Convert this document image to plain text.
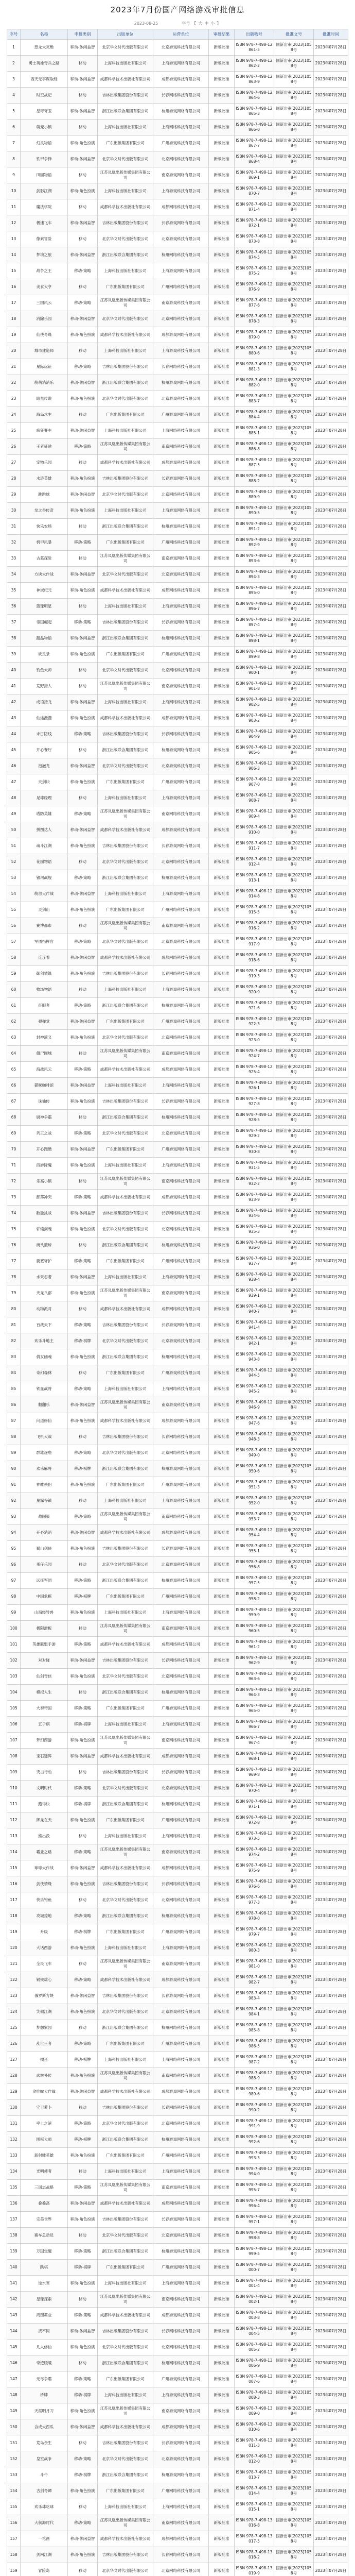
2023年7月份国产网络游戏审批信息
2023-08-25	字号 【 大 中 小 】
序号	名称	申报类别	出版单位	运营单位	审批结果	出版物号	批准文号	批准时间
1	恐龙大灭绝	移动-休闲益智	北京华文时代出版有限公司	北京游戏科技有限公司	新版批准	ISBN 978-7-498-12861-5	国新出审[2023]1058号	2023年07月28日
2	勇士英雄奇兵之路	移动	上海科技出版社有限公司	上海游戏网络有限公司	新版批准	ISBN 978-7-498-12862-2	国新出审[2023]1058号	2023年07月28日
3	西天无事谋取经	移动-休闲益智	成都科学技术出版社有限公司	成都游戏科技有限公司	新版批准	ISBN 978-7-498-12863-9	国新出审[2023]1058号	2023年07月28日
4	时空战记	移动	吉林出版集团股份有限公司	长春网络科技有限公司	新版批准	ISBN 978-7-498-12864-6	国新出审[2023]1058号	2023年07月28日
5	星穹守卫	移动-休闲益智	浙江出版联合集团有限公司	杭州游戏网络有限公司	新版批准	ISBN 978-7-498-12865-3	国新出审[2023]1058号	2023年07月28日
6	萌宠小镇	移动	上海科技出版社有限公司	上海网络科技有限公司	新版批准	ISBN 978-7-498-12866-0	国新出审[2023]1058号	2023年07月28日
7	幻灵物语	移动-角色扮演	广东出版集团有限公司	广州游戏科技有限公司	新版批准	ISBN 978-7-498-12867-7	国新出审[2023]1058号	2023年07月28日
8	铁甲争锋	移动-休闲益智	北京华文时代出版有限公司	北京网络科技有限公司	新版批准	ISBN 978-7-498-12868-4	国新出审[2023]1058号	2023年07月28日
9	田园物语	移动	江苏凤凰出版传媒集团有限公司	南京游戏网络有限公司	新版批准	ISBN 978-7-498-12869-1	国新出审[2023]1058号	2023年07月28日
10	剑影江湖	移动-角色扮演	上海科技出版社有限公司	上海游戏科技有限公司	新版批准	ISBN 978-7-498-12870-7	国新出审[2023]1058号	2023年07月28日
11	魔法学院	移动	成都科学技术出版社有限公司	成都网络科技有限公司	新版批准	ISBN 978-7-498-12871-4	国新出审[2023]1058号	2023年07月28日
12	极速飞车	移动-休闲益智	吉林出版集团股份有限公司	长春游戏网络有限公司	新版批准	ISBN 978-7-498-12872-1	国新出审[2023]1058号	2023年07月28日
13	像素冒险	移动	北京华文时代出版有限公司	北京游戏科技有限公司	新版批准	ISBN 978-7-498-12873-8	国新出审[2023]1058号	2023年07月28日
14	梦境之旅	移动-休闲益智	浙江出版联合集团有限公司	杭州网络科技有限公司	新版批准	ISBN 978-7-498-12874-5	国新出审[2023]1058号	2023年07月28日
15	战争之王	移动-策略	上海科技出版社有限公司	上海游戏网络有限公司	新版批准	ISBN 978-7-498-12875-2	国新出审[2023]1058号	2023年07月28日
16	美食大亨	移动	广东出版集团有限公司	广州网络科技有限公司	新版批准	ISBN 978-7-498-12876-9	国新出审[2023]1058号	2023年07月28日
17	三国风云	移动-策略	江苏凤凰出版传媒集团有限公司	南京游戏科技有限公司	新版批准	ISBN 978-7-498-12877-6	国新出审[2023]1058号	2023年07月28日
18	消除乐园	移动-休闲益智	北京华文时代出版有限公司	北京网络科技有限公司	新版批准	ISBN 978-7-498-12878-3	国新出审[2023]1058号	2023年07月28日
19	仙侠奇缘	移动-角色扮演	成都科学技术出版社有限公司	成都游戏网络有限公司	新版批准	ISBN 978-7-498-12879-0	国新出审[2023]1058号	2023年07月28日
20	城市建造师	移动	上海科技出版社有限公司	上海游戏科技有限公司	新版批准	ISBN 978-7-498-12880-6	国新出审[2023]1058号	2023年07月28日
21	星际远征	移动-策略	吉林出版集团股份有限公司	长春网络科技有限公司	新版批准	ISBN 978-7-498-12881-3	国新出审[2023]1058号	2023年07月28日
22	萌萌消消乐	移动-休闲益智	浙江出版联合集团有限公司	杭州游戏网络有限公司	新版批准	ISBN 978-7-498-12882-0	国新出审[2023]1058号	2023年07月28日
23	暗黑传说	移动-角色扮演	北京华文时代出版有限公司	北京游戏科技有限公司	新版批准	ISBN 978-7-498-12883-7	国新出审[2023]1058号	2023年07月28日
24	海岛求生	移动	广东出版集团有限公司	广州游戏网络有限公司	新版批准	ISBN 978-7-498-12884-4	国新出审[2023]1058号	2023年07月28日
25	疯狂赛车	移动-休闲益智	上海科技出版社有限公司	上海网络科技有限公司	新版批准	ISBN 978-7-498-12885-1	国新出审[2023]1058号	2023年07月28日
26	王者征途	移动-策略	江苏凤凰出版传媒集团有限公司	南京网络科技有限公司	新版批准	ISBN 978-7-498-12886-8	国新出审[2023]1058号	2023年07月28日
27	宠物乐园	移动	成都科学技术出版社有限公司	成都游戏科技有限公司	新版批准	ISBN 978-7-498-12887-5	国新出审[2023]1058号	2023年07月28日
28	水浒英雄	移动-角色扮演	吉林出版集团股份有限公司	长春游戏网络有限公司	新版批准	ISBN 978-7-498-12888-2	国新出审[2023]1058号	2023年07月28日
29	跳跳球	移动-休闲益智	北京华文时代出版有限公司	北京网络科技有限公司	新版批准	ISBN 978-7-498-12889-9	国新出审[2023]1058号	2023年07月28日
30	龙之谷传奇	移动-角色扮演	上海科技出版社有限公司	上海游戏网络有限公司	新版批准	ISBN 978-7-498-12890-5	国新出审[2023]1058号	2023年07月28日
31	快乐农场	移动	浙江出版联合集团有限公司	杭州游戏科技有限公司	新版批准	ISBN 978-7-498-12891-2	国新出审[2023]1058号	2023年07月28日
32	机甲风暴	移动-策略	广东出版集团有限公司	广州网络科技有限公司	新版批准	ISBN 978-7-498-12892-9	国新出审[2023]1058号	2023年07月28日
33	古墓探险	移动	江苏凤凰出版传媒集团有限公司	南京游戏网络有限公司	新版批准	ISBN 978-7-498-12893-6	国新出审[2023]1058号	2023年07月28日
34	方块大作战	移动-休闲益智	北京华文时代出版有限公司	北京游戏科技有限公司	新版批准	ISBN 978-7-498-12894-3	国新出审[2023]1058号	2023年07月28日
35	神域纪元	移动-角色扮演	成都科学技术出版社有限公司	成都网络科技有限公司	新版批准	ISBN 978-7-498-12895-0	国新出审[2023]1058号	2023年07月28日
36	篮球明星	移动	上海科技出版社有限公司	上海游戏科技有限公司	新版批准	ISBN 978-7-498-12896-7	国新出审[2023]1058号	2023年07月28日
37	帝国崛起	移动-策略	吉林出版集团股份有限公司	长春游戏网络有限公司	新版批准	ISBN 978-7-498-12897-4	国新出审[2023]1058号	2023年07月28日
38	甜品物语	移动-休闲益智	浙江出版联合集团有限公司	杭州网络科技有限公司	新版批准	ISBN 978-7-498-12898-1	国新出审[2023]1058号	2023年07月28日
39	妖灵录	移动-角色扮演	广东出版集团有限公司	广州游戏科技有限公司	新版批准	ISBN 978-7-498-12899-8	国新出审[2023]1058号	2023年07月28日
40	钓鱼大师	移动	北京华文时代出版有限公司	北京网络科技有限公司	新版批准	ISBN 978-7-498-12900-1	国新出审[2023]1058号	2023年07月28日
41	荒野猎人	移动	江苏凤凰出版传媒集团有限公司	南京游戏科技有限公司	新版批准	ISBN 978-7-498-12901-8	国新出审[2023]1058号	2023年07月28日
42	成语接龙	移动-休闲益智	上海科技出版社有限公司	上海网络科技有限公司	新版批准	ISBN 978-7-498-12902-5	国新出审[2023]1058号	2023年07月28日
43	仙途漫漫	移动-角色扮演	成都科学技术出版社有限公司	成都游戏网络有限公司	新版批准	ISBN 978-7-498-12903-2	国新出审[2023]1058号	2023年07月28日
44	末日防线	移动-策略	吉林出版集团股份有限公司	长春网络科技有限公司	新版批准	ISBN 978-7-498-12904-9	国新出审[2023]1058号	2023年07月28日
45	开心餐厅	移动	浙江出版联合集团有限公司	杭州游戏网络有限公司	新版批准	ISBN 978-7-498-12905-6	国新出审[2023]1058号	2023年07月28日
46	泡泡龙	移动-休闲益智	北京华文时代出版有限公司	北京游戏科技有限公司	新版批准	ISBN 978-7-498-12906-3	国新出审[2023]1058号	2023年07月28日
47	天剑诀	移动-角色扮演	广东出版集团有限公司	广州游戏网络有限公司	新版批准	ISBN 978-7-498-12907-0	国新出审[2023]1058号	2023年07月28日
48	足球经理	移动	上海科技出版社有限公司	上海游戏科技有限公司	新版批准	ISBN 978-7-498-12908-7	国新出审[2023]1058号	2023年07月28日
49	塔防英雄	移动-策略	江苏凤凰出版传媒集团有限公司	南京网络科技有限公司	新版批准	ISBN 978-7-498-12909-4	国新出审[2023]1058号	2023年07月28日
50	拼图达人	移动-休闲益智	成都科学技术出版社有限公司	成都游戏科技有限公司	新版批准	ISBN 978-7-498-12910-0	国新出审[2023]1058号	2023年07月28日
51	魂斗江湖	移动-角色扮演	吉林出版集团股份有限公司	长春游戏网络有限公司	新版批准	ISBN 978-7-498-12911-7	国新出审[2023]1058号	2023年07月28日
52	花园物语	移动	北京华文时代出版有限公司	北京网络科技有限公司	新版批准	ISBN 978-7-498-12912-4	国新出审[2023]1058号	2023年07月28日
53	银河战舰	移动-策略	浙江出版联合集团有限公司	杭州游戏科技有限公司	新版批准	ISBN 978-7-498-12913-1	国新出审[2023]1058号	2023年07月28日
54	萌兽大作战	移动-休闲益智	上海科技出版社有限公司	上海游戏网络有限公司	新版批准	ISBN 978-7-498-12914-8	国新出审[2023]1058号	2023年07月28日
55	灵剑山	移动-角色扮演	广东出版集团有限公司	广州网络科技有限公司	新版批准	ISBN 978-7-498-12915-5	国新出审[2023]1058号	2023年07月28日
56	赛博都市	移动	江苏凤凰出版传媒集团有限公司	南京游戏网络有限公司	新版批准	ISBN 978-7-498-12916-2	国新出审[2023]1058号	2023年07月28日
57	军团指挥官	移动-策略	北京华文时代出版有限公司	北京游戏科技有限公司	新版批准	ISBN 978-7-498-12917-9	国新出审[2023]1058号	2023年07月28日
58	连连看	移动-休闲益智	成都科学技术出版社有限公司	成都网络科技有限公司	新版批准	ISBN 978-7-498-12918-6	国新出审[2023]1058号	2023年07月28日
59	御剑情缘	移动-角色扮演	吉林出版集团股份有限公司	长春网络科技有限公司	新版批准	ISBN 978-7-498-12919-3	国新出审[2023]1058号	2023年07月28日
60	牧场物语	移动	上海科技出版社有限公司	上海游戏科技有限公司	新版批准	ISBN 978-7-498-12920-9	国新出审[2023]1058号	2023年07月28日
61	征服者	移动-策略	浙江出版联合集团有限公司	杭州游戏网络有限公司	新版批准	ISBN 978-7-498-12921-6	国新出审[2023]1058号	2023年07月28日
62	弹弹堂	移动-休闲益智	广东出版集团有限公司	广州游戏科技有限公司	新版批准	ISBN 978-7-498-12922-3	国新出审[2023]1058号	2023年07月28日
63	封神演义	移动-角色扮演	北京华文时代出版有限公司	北京网络科技有限公司	新版批准	ISBN 978-7-498-12923-0	国新出审[2023]1058号	2023年07月28日
64	僵尸围城	移动	江苏凤凰出版传媒集团有限公司	南京游戏科技有限公司	新版批准	ISBN 978-7-498-12924-7	国新出审[2023]1058号	2023年07月28日
65	海战风云	移动-策略	成都科学技术出版社有限公司	成都游戏网络有限公司	新版批准	ISBN 978-7-498-12925-4	国新出审[2023]1058号	2023年07月28日
66	猫咪咖啡馆	移动-休闲益智	上海科技出版社有限公司	上海网络科技有限公司	新版批准	ISBN 978-7-498-12926-1	国新出审[2023]1058号	2023年07月28日
67	诛仙传	移动-角色扮演	吉林出版集团股份有限公司	长春游戏网络有限公司	新版批准	ISBN 978-7-498-12927-8	国新出审[2023]1058号	2023年07月28日
68	厨神争霸	移动	浙江出版联合集团有限公司	杭州网络科技有限公司	新版批准	ISBN 978-7-498-12928-5	国新出审[2023]1058号	2023年07月28日
69	列王之战	移动-策略	北京华文时代出版有限公司	北京游戏科技有限公司	新版批准	ISBN 978-7-498-12929-2	国新出审[2023]1058号	2023年07月28日
70	开心跑酷	移动-休闲益智	广东出版集团有限公司	广州游戏网络有限公司	新版批准	ISBN 978-7-498-12930-8	国新出审[2023]1058号	2023年07月28日
71	西游降魔	移动-角色扮演	上海科技出版社有限公司	上海游戏科技有限公司	新版批准	ISBN 978-7-498-12931-5	国新出审[2023]1058号	2023年07月28日
72	乐高小镇	移动	江苏凤凰出版传媒集团有限公司	南京网络科技有限公司	新版批准	ISBN 978-7-498-12932-2	国新出审[2023]1058号	2023年07月28日
73	部落冲突	移动-策略	成都科学技术出版社有限公司	成都游戏科技有限公司	新版批准	ISBN 978-7-498-12933-9	国新出审[2023]1058号	2023年07月28日
74	数独挑战	移动-休闲益智	吉林出版集团股份有限公司	长春网络科技有限公司	新版批准	ISBN 978-7-498-12934-6	国新出审[2023]1058号	2023年07月28日
75	轩辕剑魂	移动-角色扮演	北京华文时代出版有限公司	北京网络科技有限公司	新版批准	ISBN 978-7-498-12935-3	国新出审[2023]1058号	2023年07月28日
76	街头篮球	移动	浙江出版联合集团有限公司	杭州游戏科技有限公司	新版批准	ISBN 978-7-498-12936-0	国新出审[2023]1058号	2023年07月28日
77	要塞守护	移动-策略	广东出版集团有限公司	广州网络科技有限公司	新版批准	ISBN 978-7-498-12937-7	国新出审[2023]1058号	2023年07月28日
78	水果忍者	移动-休闲益智	上海科技出版社有限公司	上海游戏网络有限公司	新版批准	ISBN 978-7-498-12938-4	国新出审[2023]1058号	2023年07月28日
79	天龙八部	移动-角色扮演	江苏凤凰出版传媒集团有限公司	南京游戏网络有限公司	新版批准	ISBN 978-7-498-12939-1	国新出审[2023]1058号	2023年07月28日
80	动物派对	移动	成都科学技术出版社有限公司	成都网络科技有限公司	新版批准	ISBN 978-7-498-12940-7	国新出审[2023]1058号	2023年07月28日
81	百战天下	移动-策略	吉林出版集团股份有限公司	长春游戏网络有限公司	新版批准	ISBN 978-7-498-12941-4	国新出审[2023]1058号	2023年07月28日
82	欢乐斗地主	移动-棋牌	北京华文时代出版有限公司	北京游戏科技有限公司	新版批准	ISBN 978-7-498-12942-1	国新出审[2023]1058号	2023年07月28日
83	倩女幽魂	移动-角色扮演	浙江出版联合集团有限公司	杭州网络科技有限公司	新版批准	ISBN 978-7-498-12943-8	国新出审[2023]1058号	2023年07月28日
84	奇幻森林	移动	广东出版集团有限公司	广州游戏科技有限公司	新版批准	ISBN 978-7-498-12944-5	国新出审[2023]1058号	2023年07月28日
85	铁血战将	移动-策略	上海科技出版社有限公司	上海网络科技有限公司	新版批准	ISBN 978-7-498-12945-2	国新出审[2023]1058号	2023年07月28日
86	翻翻乐	移动-休闲益智	江苏凤凰出版传媒集团有限公司	南京游戏科技有限公司	新版批准	ISBN 978-7-498-12946-9	国新出审[2023]1058号	2023年07月28日
87	问道修仙	移动-角色扮演	成都科学技术出版社有限公司	成都游戏网络有限公司	新版批准	ISBN 978-7-498-12947-6	国新出审[2023]1058号	2023年07月28日
88	飞机大战	移动	吉林出版集团股份有限公司	长春网络科技有限公司	新版批准	ISBN 978-7-498-12948-3	国新出审[2023]1058号	2023年07月28日
89	群雄逐鹿	移动-策略	北京华文时代出版有限公司	北京网络科技有限公司	新版批准	ISBN 978-7-498-12949-0	国新出审[2023]1058号	2023年07月28日
90	欢乐麻将	移动-棋牌	浙江出版联合集团有限公司	杭州游戏网络有限公司	新版批准	ISBN 978-7-498-12950-6	国新出审[2023]1058号	2023年07月28日
91	神雕侠侣	移动-角色扮演	广东出版集团有限公司	广州游戏网络有限公司	新版批准	ISBN 978-7-498-12951-3	国新出审[2023]1058号	2023年07月28日
92	星露谷镇	移动	上海科技出版社有限公司	上海游戏科技有限公司	新版批准	ISBN 978-7-498-12952-0	国新出审[2023]1058号	2023年07月28日
93	战国策	移动-策略	江苏凤凰出版传媒集团有限公司	南京网络科技有限公司	新版批准	ISBN 978-7-498-12953-7	国新出审[2023]1058号	2023年07月28日
94	开心消消	移动-休闲益智	成都科学技术出版社有限公司	成都游戏科技有限公司	新版批准	ISBN 978-7-498-12954-4	国新出审[2023]1058号	2023年07月28日
95	蜀山剑侠	移动-角色扮演	吉林出版集团股份有限公司	长春游戏网络有限公司	新版批准	ISBN 978-7-498-12955-1	国新出审[2023]1058号	2023年07月28日
96	蛋仔乐园	移动	北京华文时代出版有限公司	北京游戏科技有限公司	新版批准	ISBN 978-7-498-12956-8	国新出审[2023]1058号	2023年07月28日
97	远征军团	移动-策略	浙江出版联合集团有限公司	杭州游戏科技有限公司	新版批准	ISBN 978-7-498-12957-5	国新出审[2023]1058号	2023年07月28日
98	中国象棋	移动-棋牌	广东出版集团有限公司	广州网络科技有限公司	新版批准	ISBN 978-7-498-12958-2	国新出审[2023]1058号	2023年07月28日
99	山海经异兽	移动-角色扮演	上海科技出版社有限公司	上海游戏网络有限公司	新版批准	ISBN 978-7-498-12959-9	国新出审[2023]1058号	2023年07月28日
100	极限滑板	移动	江苏凤凰出版传媒集团有限公司	南京游戏网络有限公司	新版批准	ISBN 978-7-498-12960-5	国新出审[2023]1058号	2023年07月28日
101	英雄联盟手游	移动-策略	成都科学技术出版社有限公司	成都网络科技有限公司	新版批准	ISBN 978-7-498-12961-2	国新出审[2023]1058号	2023年07月28日
102	对对碰	移动-休闲益智	吉林出版集团股份有限公司	长春网络科技有限公司	新版批准	ISBN 978-7-498-12962-9	国新出审[2023]1058号	2023年07月28日
103	仙剑奇侠	移动-角色扮演	北京华文时代出版有限公司	北京网络科技有限公司	新版批准	ISBN 978-7-498-12963-6	国新出审[2023]1058号	2023年07月28日
104	模拟人生	移动	浙江出版联合集团有限公司	杭州游戏网络有限公司	新版批准	ISBN 978-7-498-12964-3	国新出审[2023]1058号	2023年07月28日
105	大秦帝国	移动-策略	广东出版集团有限公司	广州游戏科技有限公司	新版批准	ISBN 978-7-498-12965-0	国新出审[2023]1058号	2023年07月28日
106	五子棋	移动-棋牌	上海科技出版社有限公司	上海游戏科技有限公司	新版批准	ISBN 978-7-498-12966-7	国新出审[2023]1058号	2023年07月28日
107	梦幻西游	移动-角色扮演	江苏凤凰出版传媒集团有限公司	南京网络科技有限公司	新版批准	ISBN 978-7-498-12967-4	国新出审[2023]1058号	2023年07月28日
108	宝石迷阵	移动-休闲益智	成都科学技术出版社有限公司	成都游戏网络有限公司	新版批准	ISBN 978-7-498-12968-1	国新出审[2023]1058号	2023年07月28日
109	突击行动	移动	吉林出版集团股份有限公司	长春游戏网络有限公司	新版批准	ISBN 978-7-498-12969-8	国新出审[2023]1058号	2023年07月28日
110	文明时代	移动-策略	北京华文时代出版有限公司	北京游戏科技有限公司	新版批准	ISBN 978-7-498-12970-4	国新出审[2023]1058号	2023年07月28日
111	跑得快	移动-棋牌	浙江出版联合集团有限公司	杭州网络科技有限公司	新版批准	ISBN 978-7-498-12971-1	国新出审[2023]1058号	2023年07月28日
112	御龙在天	移动-角色扮演	广东出版集团有限公司	广州网络科技有限公司	新版批准	ISBN 978-7-498-12972-8	国新出审[2023]1058号	2023年07月28日
113	熊出没	移动	上海科技出版社有限公司	上海网络科技有限公司	新版批准	ISBN 978-7-498-12973-5	国新出审[2023]1058号	2023年07月28日
114	霸业之路	移动-策略	江苏凤凰出版传媒集团有限公司	南京游戏科技有限公司	新版批准	ISBN 978-7-498-12974-2	国新出审[2023]1058号	2023年07月28日
115	球球大作战	移动-休闲益智	成都科学技术出版社有限公司	成都网络科技有限公司	新版批准	ISBN 978-7-498-12975-9	国新出审[2023]1058号	2023年07月28日
116	剑侠情缘	移动-角色扮演	吉林出版集团股份有限公司	长春网络科技有限公司	新版批准	ISBN 978-7-498-12976-6	国新出审[2023]1058号	2023年07月28日
117	快乐钓鱼	移动	北京华文时代出版有限公司	北京网络科技有限公司	新版批准	ISBN 978-7-498-12977-3	国新出审[2023]1058号	2023年07月28日
118	攻城掠地	移动-策略	浙江出版联合集团有限公司	杭州游戏科技有限公司	新版批准	ISBN 978-7-498-12978-0	国新出审[2023]1058号	2023年07月28日
119	升级	移动-棋牌	广东出版集团有限公司	广州游戏网络有限公司	新版批准	ISBN 978-7-498-12979-7	国新出审[2023]1058号	2023年07月28日
120	大话西游	移动-角色扮演	上海科技出版社有限公司	上海游戏网络有限公司	新版批准	ISBN 978-7-498-12980-3	国新出审[2023]1058号	2023年07月28日
121	全民飞车	移动	江苏凤凰出版传媒集团有限公司	南京游戏网络有限公司	新版批准	ISBN 978-7-498-12981-0	国新出审[2023]1058号	2023年07月28日
122	钢铁雄心	移动-策略	成都科学技术出版社有限公司	成都游戏科技有限公司	新版批准	ISBN 978-7-498-12982-7	国新出审[2023]1058号	2023年07月28日
123	俄罗斯方块	移动-休闲益智	吉林出版集团股份有限公司	长春游戏网络有限公司	新版批准	ISBN 978-7-498-12983-4	国新出审[2023]1058号	2023年07月28日
124	笑傲江湖	移动-角色扮演	北京华文时代出版有限公司	北京游戏科技有限公司	新版批准	ISBN 978-7-498-12984-1	国新出审[2023]1058号	2023年07月28日
125	梦想家园	移动	浙江出版联合集团有限公司	杭州网络科技有限公司	新版批准	ISBN 978-7-498-12985-8	国新出审[2023]1058号	2023年07月28日
126	乱世王者	移动-策略	广东出版集团有限公司	广州游戏科技有限公司	新版批准	ISBN 978-7-498-12986-5	国新出审[2023]1058号	2023年07月28日
127	掼蛋	移动-棋牌	上海科技出版社有限公司	上海网络科技有限公司	新版批准	ISBN 978-7-498-12987-2	国新出审[2023]1058号	2023年07月28日
128	武林外传	移动-角色扮演	江苏凤凰出版传媒集团有限公司	南京网络科技有限公司	新版批准	ISBN 978-7-498-12988-9	国新出审[2023]1058号	2023年07月28日
129	贪吃蛇大作战	移动-休闲益智	成都科学技术出版社有限公司	成都游戏网络有限公司	新版批准	ISBN 978-7-498-12989-6	国新出审[2023]1058号	2023年07月28日
130	守卫萝卜	移动	吉林出版集团股份有限公司	长春网络科技有限公司	新版批准	ISBN 978-7-498-12990-2	国新出审[2023]1058号	2023年07月28日
131	率土之滨	移动-策略	北京华文时代出版有限公司	北京网络科技有限公司	新版批准	ISBN 978-7-498-12991-9	国新出审[2023]1058号	2023年07月28日
132	围棋大师	移动-棋牌	浙江出版联合集团有限公司	杭州游戏网络有限公司	新版批准	ISBN 978-7-498-12992-6	国新出审[2023]1058号	2023年07月28日
133	新射雕英雄	移动-角色扮演	广东出版集团有限公司	广州网络科技有限公司	新版批准	ISBN 978-7-498-12993-3	国新出审[2023]1058号	2023年07月28日
134	光明使者	移动	上海科技出版社有限公司	上海游戏科技有限公司	新版批准	ISBN 978-7-498-12994-0	国新出审[2023]1058号	2023年07月28日
135	三国志战略	移动-策略	江苏凤凰出版传媒集团有限公司	南京游戏科技有限公司	新版批准	ISBN 978-7-498-12995-7	国新出审[2023]1058号	2023年07月28日
136	叠叠高	移动-休闲益智	成都科学技术出版社有限公司	成都网络科技有限公司	新版批准	ISBN 978-7-498-12996-4	国新出审[2023]1058号	2023年07月28日
137	完美世界	移动-角色扮演	吉林出版集团股份有限公司	长春游戏网络有限公司	新版批准	ISBN 978-7-498-12997-1	国新出审[2023]1058号	2023年07月28日
138	赛车总动员	移动	北京华文时代出版有限公司	北京游戏科技有限公司	新版批准	ISBN 978-7-498-12998-8	国新出审[2023]1058号	2023年07月28日
139	万国觉醒	移动-策略	浙江出版联合集团有限公司	杭州游戏科技有限公司	新版批准	ISBN 978-7-498-12999-5	国新出审[2023]1058号	2023年07月28日
140	跳棋	移动-棋牌	广东出版集团有限公司	广州游戏网络有限公司	新版批准	ISBN 978-7-498-13000-7	国新出审[2023]1058号	2023年07月28日
141	逆水寒	移动-角色扮演	上海科技出版社有限公司	上海游戏网络有限公司	新版批准	ISBN 978-7-498-13001-4	国新出审[2023]1058号	2023年07月28日
142	星球探索	移动	江苏凤凰出版传媒集团有限公司	南京网络科技有限公司	新版批准	ISBN 978-7-498-13002-1	国新出审[2023]1058号	2023年07月28日
143	鸿图霸业	移动-策略	成都科学技术出版社有限公司	成都游戏科技有限公司	新版批准	ISBN 978-7-498-13003-8	国新出审[2023]1058号	2023年07月28日
144	找不同	移动-休闲益智	吉林出版集团股份有限公司	长春网络科技有限公司	新版批准	ISBN 978-7-498-13004-5	国新出审[2023]1058号	2023年07月28日
145	凡人修仙	移动-角色扮演	北京华文时代出版有限公司	北京网络科技有限公司	新版批准	ISBN 978-7-498-13005-2	国新出审[2023]1058号	2023年07月28日
146	奇迹暖暖	移动	浙江出版联合集团有限公司	杭州网络科技有限公司	新版批准	ISBN 978-7-498-13006-9	国新出审[2023]1058号	2023年07月28日
147	无尽争霸	移动-策略	广东出版集团有限公司	广州游戏科技有限公司	新版批准	ISBN 978-7-498-13007-6	国新出审[2023]1058号	2023年07月28日
148	桥牌	移动-棋牌	上海科技出版社有限公司	上海游戏科技有限公司	新版批准	ISBN 978-7-498-13008-3	国新出审[2023]1058号	2023年07月28日
149	天涯明月刀	移动-角色扮演	江苏凤凰出版传媒集团有限公司	南京游戏网络有限公司	新版批准	ISBN 978-7-498-13009-0	国新出审[2023]1058号	2023年07月28日
150	合成大西瓜	移动-休闲益智	成都科学技术出版社有限公司	成都游戏网络有限公司	新版批准	ISBN 978-7-498-13010-6	国新出审[2023]1058号	2023年07月28日
151	荒岛余生	移动	吉林出版集团股份有限公司	长春游戏网络有限公司	新版批准	ISBN 978-7-498-13011-3	国新出审[2023]1058号	2023年07月28日
152	皇室战争	移动-策略	北京华文时代出版有限公司	北京游戏科技有限公司	新版批准	ISBN 978-7-498-13012-0	国新出审[2023]1058号	2023年07月28日
153	斗牛	移动-棋牌	浙江出版联合集团有限公司	杭州游戏网络有限公司	新版批准	ISBN 978-7-498-13013-7	国新出审[2023]1058号	2023年07月28日
154	古剑奇谭	移动-角色扮演	广东出版集团有限公司	广州网络科技有限公司	新版批准	ISBN 978-7-498-13014-4	国新出审[2023]1058号	2023年07月28日
155	欢乐球吃球	移动	上海科技出版社有限公司	上海网络科技有限公司	新版批准	ISBN 978-7-498-13015-1	国新出审[2023]1058号	2023年07月28日
156	大航海时代	移动-策略	江苏凤凰出版传媒集团有限公司	南京网络科技有限公司	新版批准	ISBN 978-7-498-13016-8	国新出审[2023]1058号	2023年07月28日
157	一笔画	移动-休闲益智	成都科学技术出版社有限公司	成都网络科技有限公司	新版批准	ISBN 978-7-498-13017-5	国新出审[2023]1058号	2023年07月28日
158	剑网江湖	移动-角色扮演	吉林出版集团股份有限公司	长春网络科技有限公司	新版批准	ISBN 978-7-498-13018-2	国新出审[2023]1058号	2023年07月28日
159	冒险岛	移动	北京华文时代出版有限公司	北京网络科技有限公司	新版批准	ISBN 978-7-498-13019-9	国新出审[2023]1058号	2023年07月28日
